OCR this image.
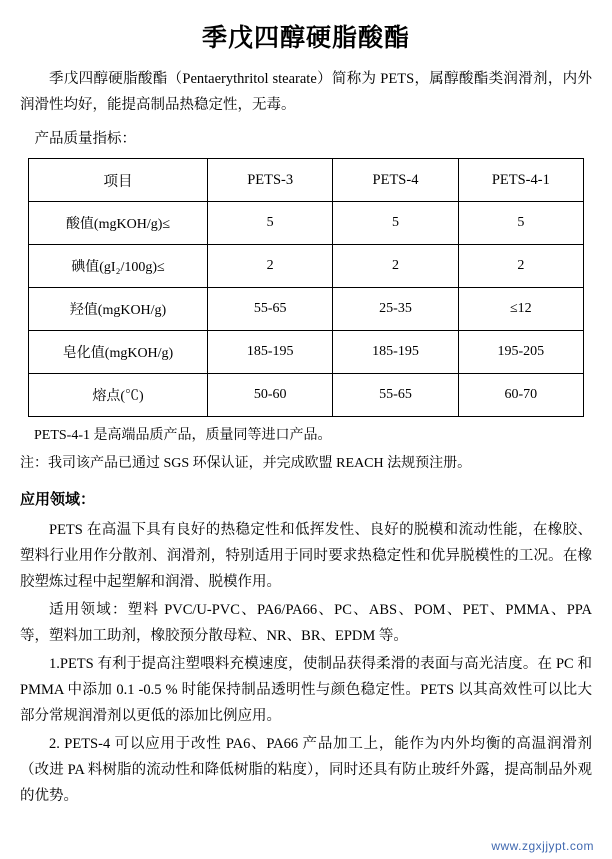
季戊四醇硬脂酸酯

季戊四醇硬脂酸酯（Pentaerythritol stearate）简称为 PETS，属醇酸酯类润滑剂，内外润滑性均好，能提高制品热稳定性，无毒。

产品质量指标：

项目	PETS-3	PETS-4	PETS-4-1
酸值(mgKOH/g)≤	5	5	5
碘值(gI₂/100g)≤	2	2	2
羟值(mgKOH/g)	55-65	25-35	≤12
皂化值(mgKOH/g)	185-195	185-195	195-205
熔点(℃)	50-60	55-65	60-70

PETS-4-1 是高端品质产品，质量同等进口产品。

注：我司该产品已通过 SGS 环保认证，并完成欧盟 REACH 法规预注册。

应用领域：

PETS 在高温下具有良好的热稳定性和低挥发性、良好的脱模和流动性能，在橡胶、塑料行业用作分散剂、润滑剂，特别适用于同时要求热稳定性和优异脱模性的工况。在橡胶塑炼过程中起塑解和润滑、脱模作用。

适用领域：塑料 PVC/U-PVC、PA6/PA66、PC、ABS、POM、PET、PMMA、PPA 等，塑料加工助剂，橡胶预分散母粒、NR、BR、EPDM 等。

1.PETS 有利于提高注塑喂料充模速度，使制品获得柔滑的表面与高光洁度。在 PC 和 PMMA 中添加 0.1 -0.5 % 时能保持制品透明性与颜色稳定性。PETS 以其高效性可以比大部分常规润滑剂以更低的添加比例应用。

2. PETS-4 可以应用于改性 PA6、PA66 产品加工上，能作为内外均衡的高温润滑剂（改进 PA 料树脂的流动性和降低树脂的粘度），同时还具有防止玻纤外露，提高制品外观的优势。

www.zgxjjypt.com
